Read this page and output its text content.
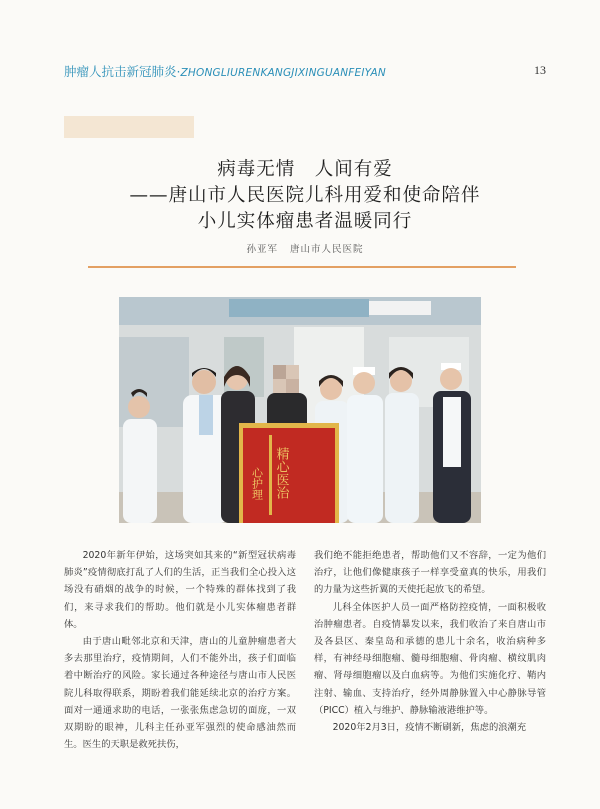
肿瘤人抗击新冠肺炎·ZHONGLIURENKANGJIXINGUANFEIYAN	13
病毒无情　人间有爱
——唐山市人民医院儿科用爱和使命陪伴
小儿实体瘤患者温暖同行
孙亚军 唐山市人民医院
精心医治
心护理

2020年新年伊始，这场突如其来的“新型冠状病毒肺炎”疫情彻底打乱了人们的生活，正当我们全心投入这场没有硝烟的战争的时候，一个特殊的群体找到了我们，来寻求我们的帮助。他们就是小儿实体瘤患者群体。

由于唐山毗邻北京和天津，唐山的儿童肿瘤患者大多去那里治疗，疫情期间，人们不能外出，孩子们面临着中断治疗的风险。家长通过各种途径与唐山市人民医院儿科取得联系，期盼着我们能延续北京的治疗方案。面对一通通求助的电话，一张张焦虑急切的面庞，一双双期盼的眼神，儿科主任孙亚军强烈的使命感油然而生。医生的天职是救死扶伤，

我们绝不能拒绝患者，帮助他们又不容辞，一定为他们治疗，让他们像健康孩子一样享受童真的快乐，用我们的力量为这些折翼的天使托起放飞的希望。

儿科全体医护人员一面严格防控疫情，一面积极收治肿瘤患者。自疫情暴发以来，我们收治了来自唐山市及各县区、秦皇岛和承德的患儿十余名，收治病种多样，有神经母细胞瘤、髓母细胞瘤、骨肉瘤、横纹肌肉瘤、肾母细胞瘤以及白血病等。为他们实施化疗、鞘内注射、输血、支持治疗，经外周静脉置入中心静脉导管（PICC）植入与维护、静脉输液港维护等。

2020年2月3日，疫情不断刷新，焦虑的浪潮充
